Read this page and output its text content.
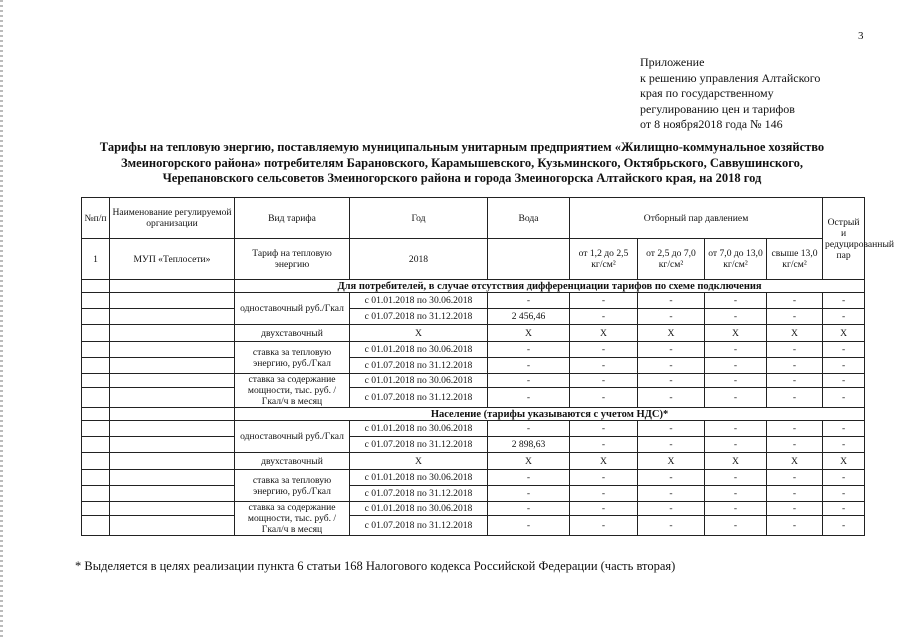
3
Приложение
к решению управления Алтайского
края по государственному
регулированию цен и тарифов
от 8 ноября2018 года № 146
Тарифы на тепловую энергию, поставляемую муниципальным унитарным предприятием «Жилищно-коммунальное хозяйство
Змеиногорского района» потребителям Барановского, Карамышевского, Кузьминского, Октябрьского, Саввушинского,
Черепановского сельсоветов Змеиногорского района и города Змеиногорска Алтайского края, на 2018 год
№п/п	Наименование регулируемой организации	Вид тарифа	Год	Вода	Отборный пар давлением				Острый и редуцированный пар
1	МУП «Теплосети»	Тариф на тепловую энергию	2018		от 1,2 до 2,5 кг/см²	от 2,5 до 7,0 кг/см²	от 7,0 до 13,0 кг/см²	свыше 13,0 кг/см²	
		Для потребителей, в случае отсутствия дифференциации тарифов по схеме подключения							
		одноставочный руб./Гкал	с 01.01.2018 по 30.06.2018	-	-	-	-	-	-
			с 01.07.2018 по 31.12.2018	2 456,46	-	-	-	-	-
		двухставочный	X	X	X	X	X	X	X
		ставка за тепловую энергию, руб./Гкал	с 01.01.2018 по 30.06.2018	-	-	-	-	-	-
			с 01.07.2018 по 31.12.2018	-	-	-	-	-	-
		ставка за содержание мощности, тыс. руб. /Гкал/ч в месяц	с 01.01.2018 по 30.06.2018	-	-	-	-	-	-
			с 01.07.2018 по 31.12.2018	-	-	-	-	-	-
		Население (тарифы указываются с учетом НДС)*							
		одноставочный руб./Гкал	с 01.01.2018 по 30.06.2018	-	-	-	-	-	-
			с 01.07.2018 по 31.12.2018	2 898,63	-	-	-	-	-
		двухставочный	X	X	X	X	X	X	X
		ставка за тепловую энергию, руб./Гкал	с 01.01.2018 по 30.06.2018	-	-	-	-	-	-
			с 01.07.2018 по 31.12.2018	-	-	-	-	-	-
		ставка за содержание мощности, тыс. руб. /Гкал/ч в месяц	с 01.01.2018 по 30.06.2018	-	-	-	-	-	-
			с 01.07.2018 по 31.12.2018	-	-	-	-	-	-
* Выделяется в целях реализации пункта 6 статьи 168 Налогового кодекса Российской Федерации (часть вторая)
